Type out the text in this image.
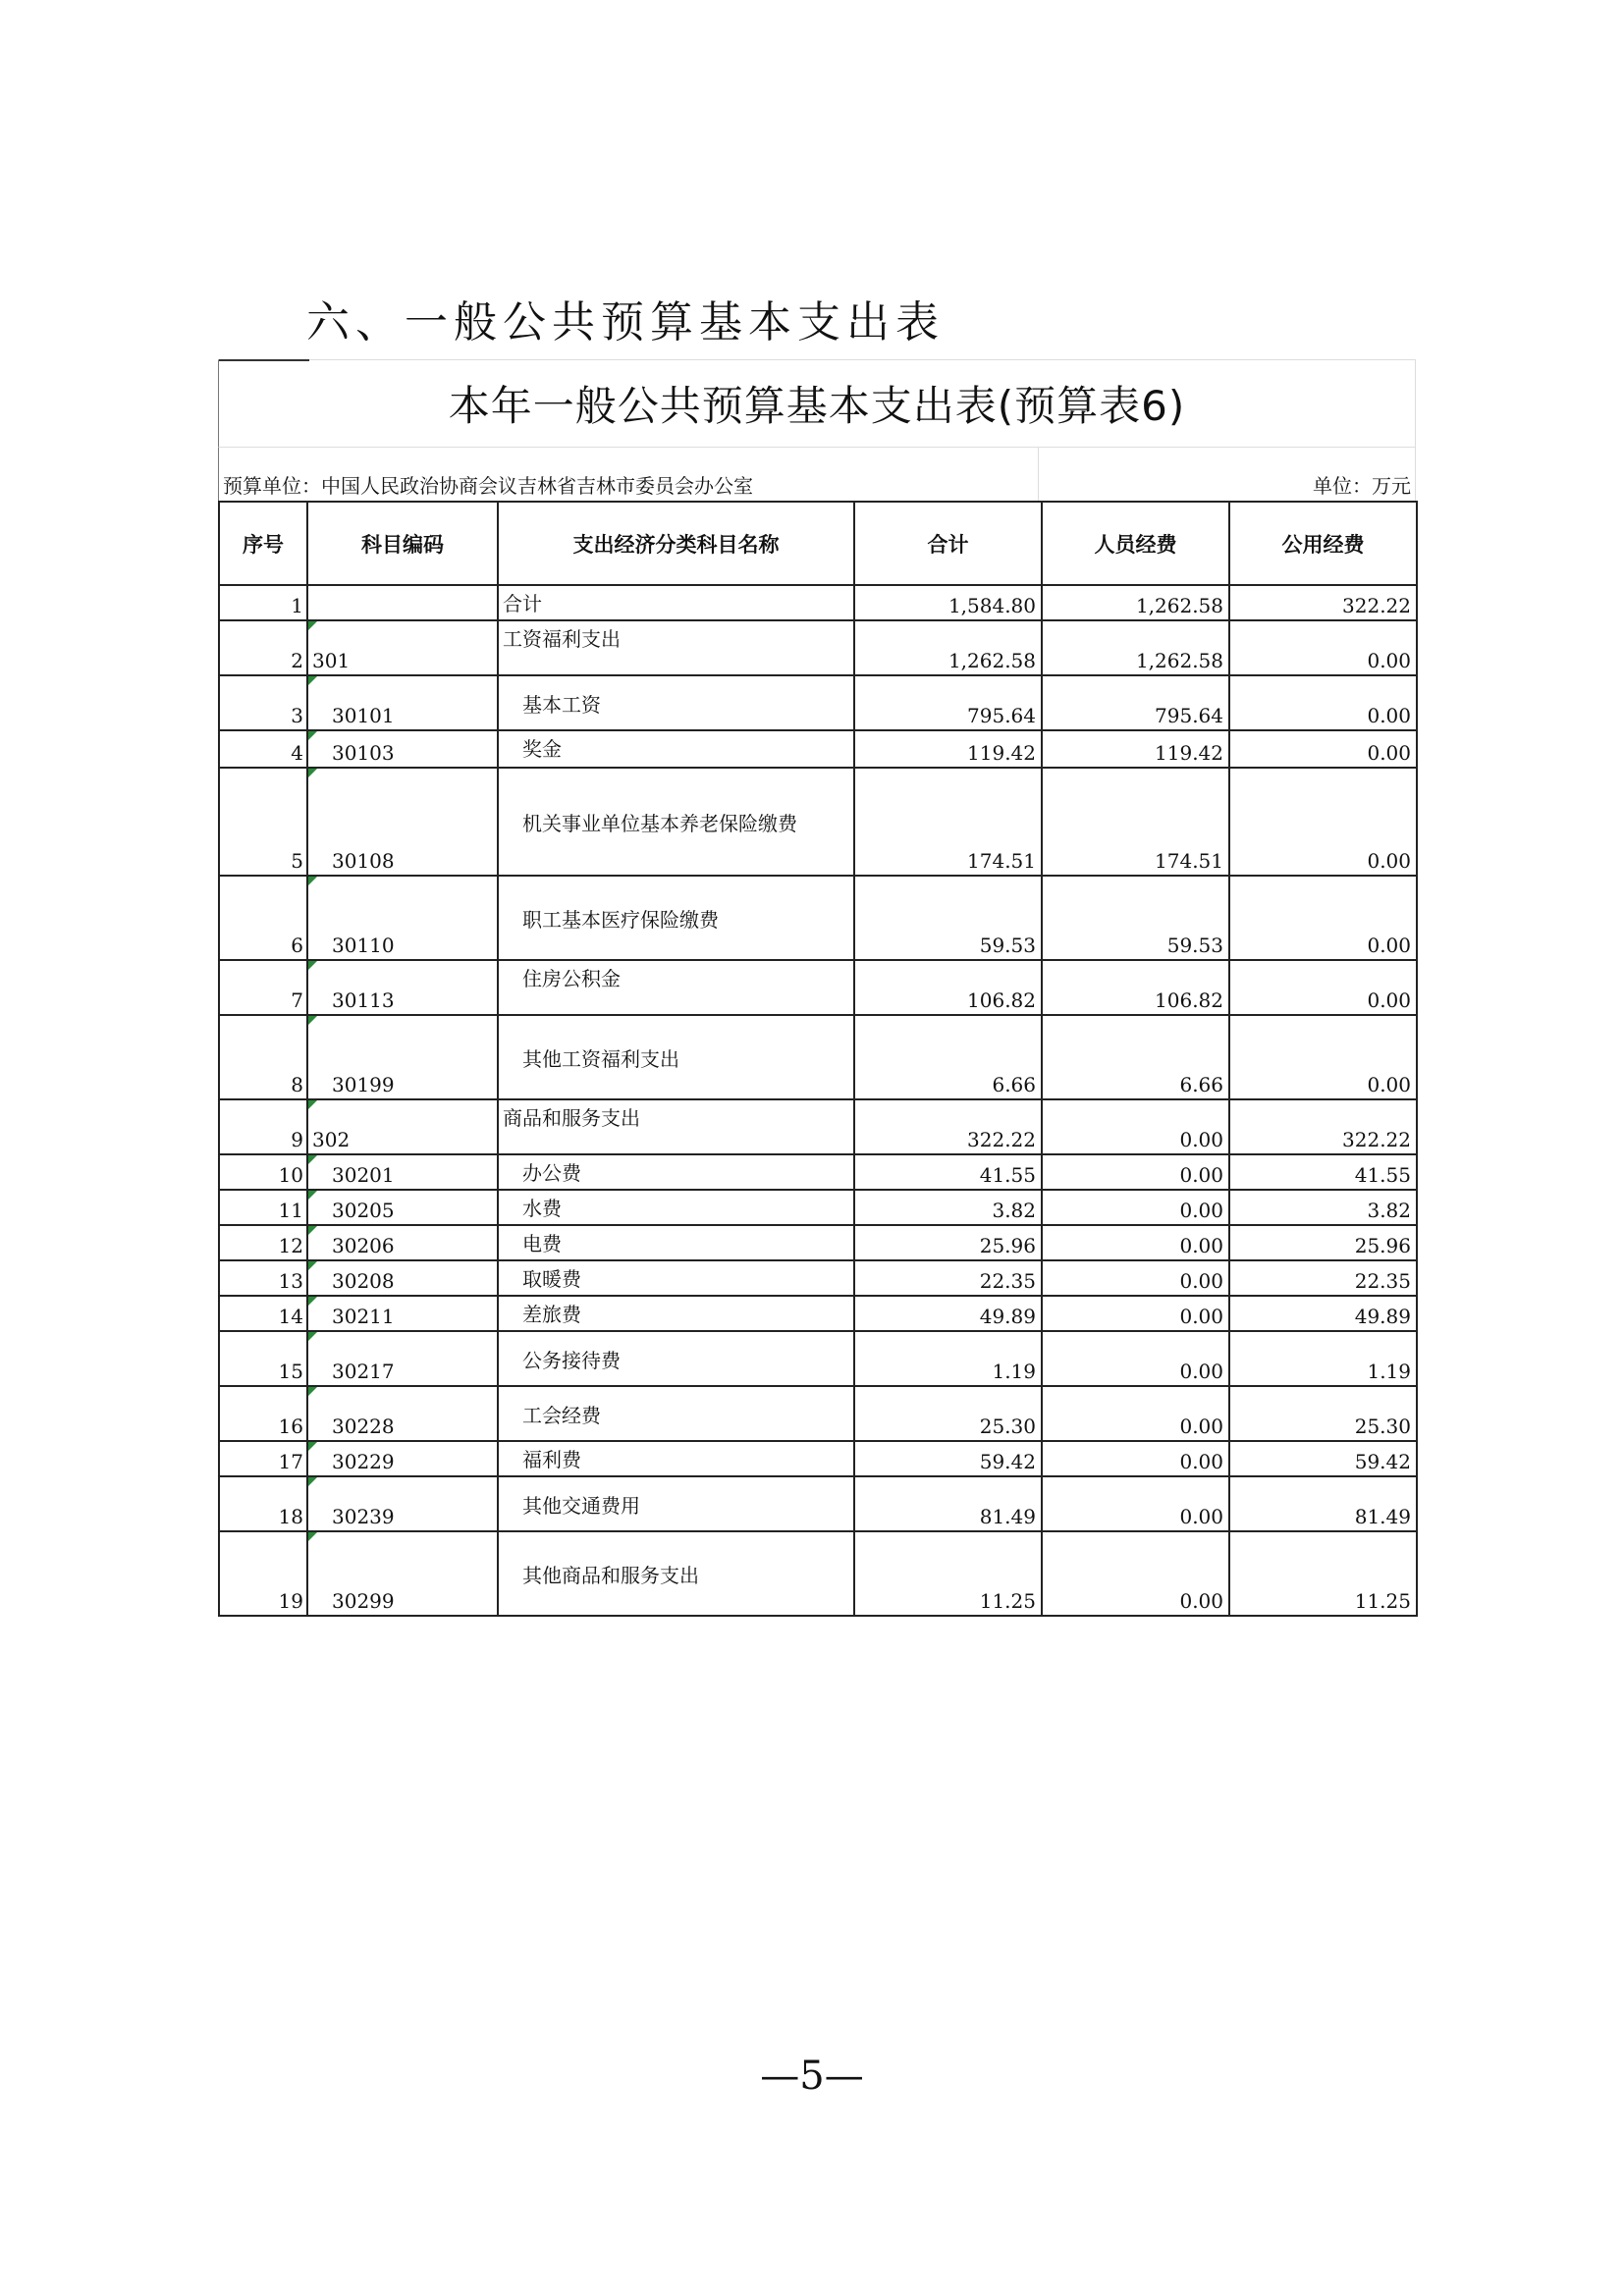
六、一般公共预算基本支出表
本年一般公共预算基本支出表(预算表6)
预算单位：中国人民政治协商会议吉林省吉林市委员会办公室	单位：万元
序号	科目编码	支出经济分类科目名称	合计	人员经费	公用经费
1		合计	1,584.80	1,262.58	322.22
2	301	工资福利支出	1,262.58	1,262.58	0.00
3	30101	基本工资	795.64	795.64	0.00
4	30103	奖金	119.42	119.42	0.00
5	30108	机关事业单位基本养老保险缴费	174.51	174.51	0.00
6	30110	职工基本医疗保险缴费	59.53	59.53	0.00
7	30113	住房公积金	106.82	106.82	0.00
8	30199	其他工资福利支出	6.66	6.66	0.00
9	302	商品和服务支出	322.22	0.00	322.22
10	30201	办公费	41.55	0.00	41.55
11	30205	水费	3.82	0.00	3.82
12	30206	电费	25.96	0.00	25.96
13	30208	取暖费	22.35	0.00	22.35
14	30211	差旅费	49.89	0.00	49.89
15	30217	公务接待费	1.19	0.00	1.19
16	30228	工会经费	25.30	0.00	25.30
17	30229	福利费	59.42	0.00	59.42
18	30239	其他交通费用	81.49	0.00	81.49
19	30299	其他商品和服务支出	11.25	0.00	11.25
—5—
